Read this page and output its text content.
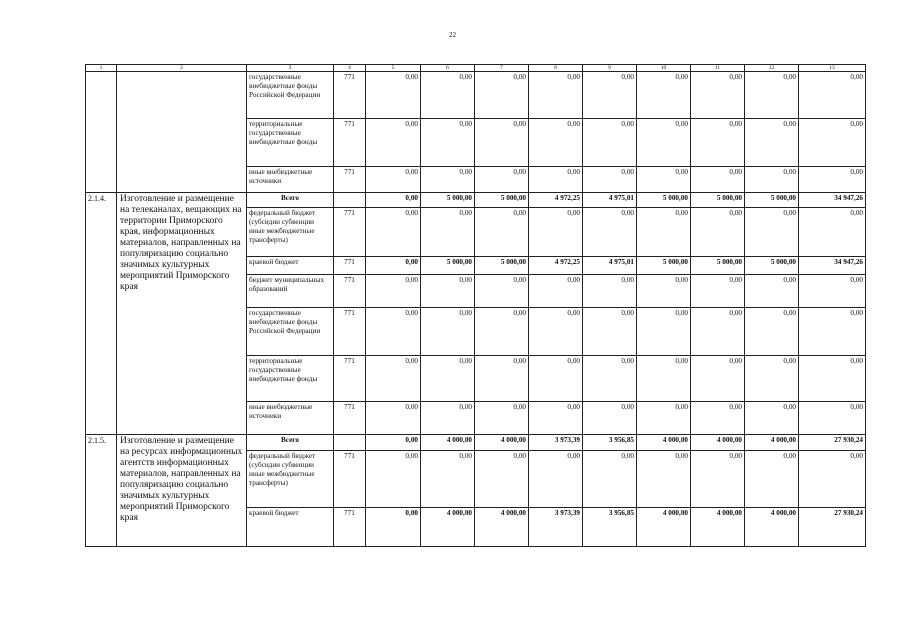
22
1	2	3	4	5	6	7	8	9	10	11	12	13
		государственные внебюджетные фонды Российской Федерации	771	0,00	0,00	0,00	0,00	0,00	0,00	0,00	0,00	0,00
		территориальные государственные внебюджетные фонды	771	0,00	0,00	0,00	0,00	0,00	0,00	0,00	0,00	0,00
		иные внебюджетные источники	771	0,00	0,00	0,00	0,00	0,00	0,00	0,00	0,00	0,00
2.1.4.	Изготовление и размещение на телеканалах, вещающих на территории Приморского края, информационных материалов, направленных на популяризацию социально значимых культурных мероприятий Приморского края	Всего		0,00	5 000,00	5 000,00	4 972,25	4 975,01	5 000,00	5 000,00	5 000,00	34 947,26
		федеральный бюджет (субсидии субвенции иные межбюджетные трансферты)	771	0,00	0,00	0,00	0,00	0,00	0,00	0,00	0,00	0,00
		краевой бюджет	771	0,00	5 000,00	5 000,00	4 972,25	4 975,01	5 000,00	5 000,00	5 000,00	34 947,26
		бюджет муниципальных образований	771	0,00	0,00	0,00	0,00	0,00	0,00	0,00	0,00	0,00
		государственные внебюджетные фонды Российской Федерации	771	0,00	0,00	0,00	0,00	0,00	0,00	0,00	0,00	0,00
		территориальные государственные внебюджетные фонды	771	0,00	0,00	0,00	0,00	0,00	0,00	0,00	0,00	0,00
		иные внебюджетные источники	771	0,00	0,00	0,00	0,00	0,00	0,00	0,00	0,00	0,00
2.1.5.	Изготовление и размещение на ресурсах информационных агентств информационных материалов, направленных на популяризацию социально значимых культурных мероприятий Приморского края	Всего		0,00	4 000,00	4 000,00	3 973,39	3 956,85	4 000,00	4 000,00	4 000,00	27 930,24
		федеральный бюджет (субсидии субвенции иные межбюджетные трансферты)	771	0,00	0,00	0,00	0,00	0,00	0,00	0,00	0,00	0,00
		краевой бюджет	771	0,00	4 000,00	4 000,00	3 973,39	3 956,85	4 000,00	4 000,00	4 000,00	27 930,24
